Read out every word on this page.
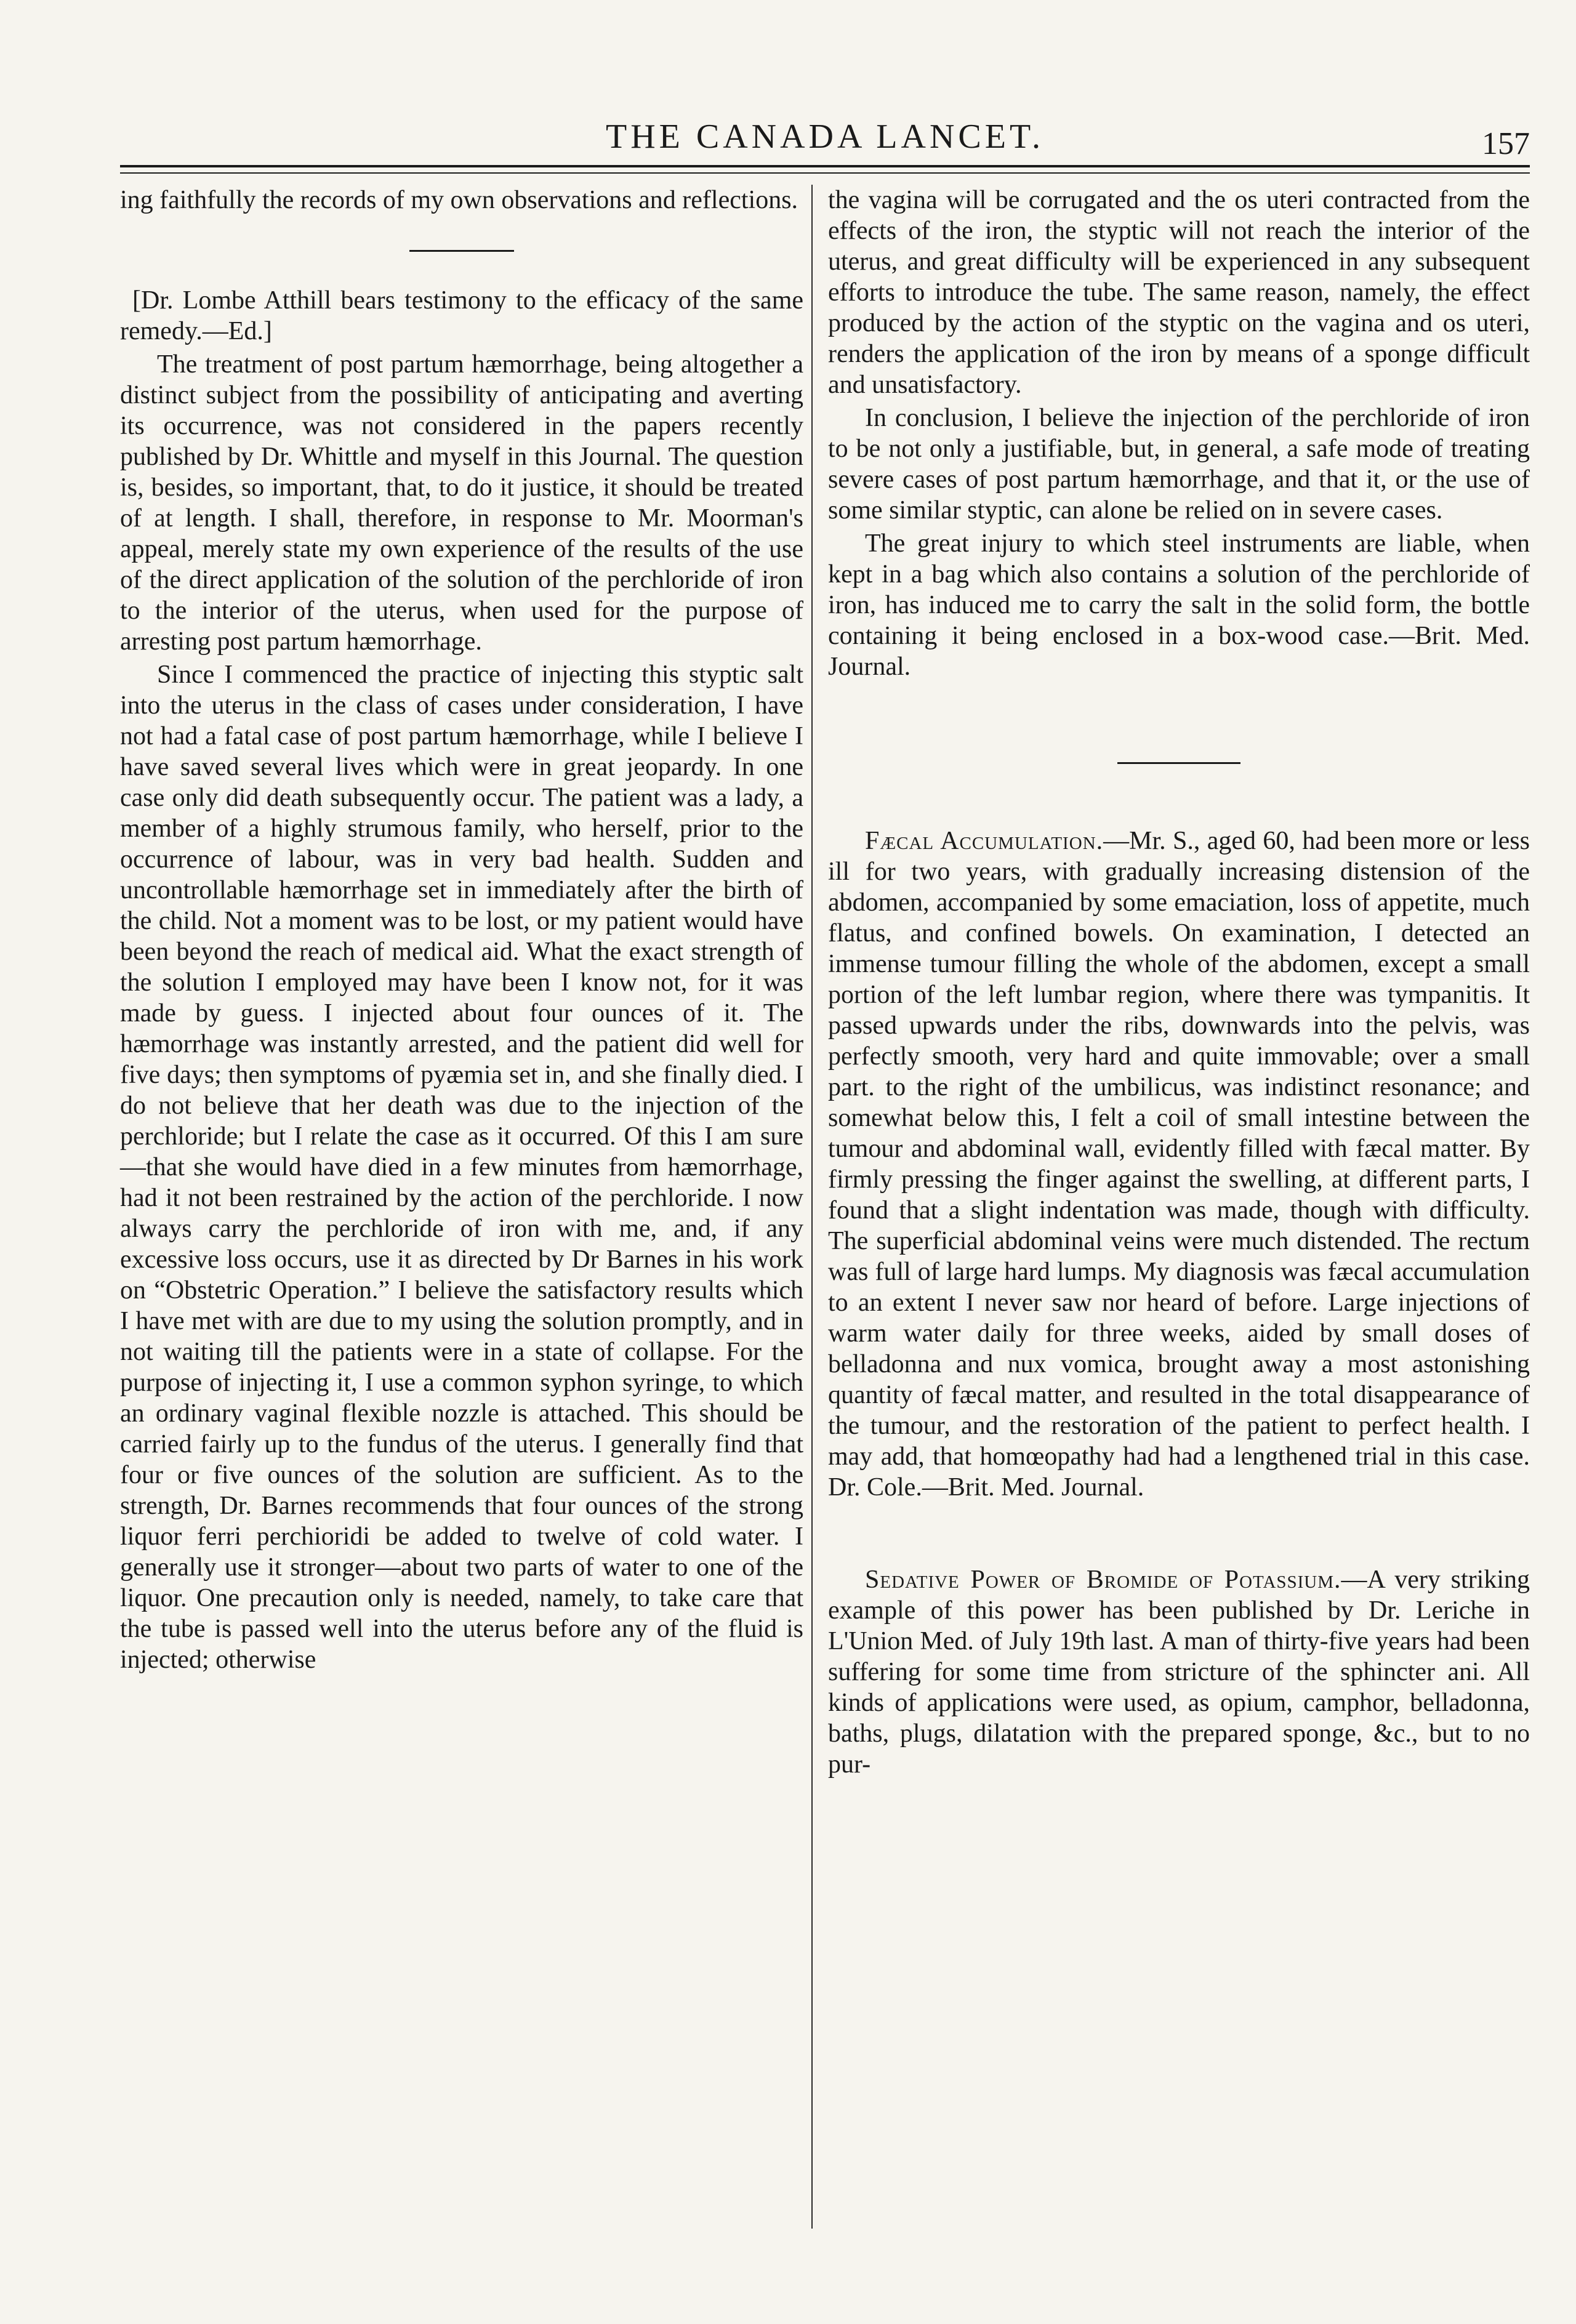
THE CANADA LANCET.	157

ing faithfully the records of my own observations and reflections.

[Dr. Lombe Atthill bears testimony to the efficacy of the same remedy.—Ed.]

The treatment of post partum hæmorrhage, being altogether a distinct subject from the possibility of anticipating and averting its occurrence, was not considered in the papers recently published by Dr. Whittle and myself in this Journal. The question is, besides, so important, that, to do it justice, it should be treated of at length. I shall, therefore, in response to Mr. Moorman's appeal, merely state my own experience of the results of the use of the direct application of the solution of the perchloride of iron to the interior of the uterus, when used for the purpose of arresting post partum hæmorrhage.

Since I commenced the practice of injecting this styptic salt into the uterus in the class of cases under consideration, I have not had a fatal case of post partum hæmorrhage, while I believe I have saved several lives which were in great jeopardy. In one case only did death subsequently occur. The patient was a lady, a member of a highly strumous family, who herself, prior to the occurrence of labour, was in very bad health. Sudden and uncontrollable hæmorrhage set in immediately after the birth of the child. Not a moment was to be lost, or my patient would have been beyond the reach of medical aid. What the exact strength of the solution I employed may have been I know not, for it was made by guess. I injected about four ounces of it. The hæmorrhage was instantly arrested, and the patient did well for five days; then symptoms of pyæmia set in, and she finally died. I do not believe that her death was due to the injection of the perchloride; but I relate the case as it occurred. Of this I am sure—that she would have died in a few minutes from hæmorrhage, had it not been restrained by the action of the perchloride. I now always carry the perchloride of iron with me, and, if any excessive loss occurs, use it as directed by Dr Barnes in his work on “Obstetric Operation.” I believe the satisfactory results which I have met with are due to my using the solution promptly, and in not waiting till the patients were in a state of collapse. For the purpose of injecting it, I use a common syphon syringe, to which an ordinary vaginal flexible nozzle is attached. This should be carried fairly up to the fundus of the uterus. I generally find that four or five ounces of the solution are sufficient. As to the strength, Dr. Barnes recommends that four ounces of the strong liquor ferri perchioridi be added to twelve of cold water. I generally use it stronger—about two parts of water to one of the liquor. One precaution only is needed, namely, to take care that the tube is passed well into the uterus before any of the fluid is injected; otherwise

the vagina will be corrugated and the os uteri contracted from the effects of the iron, the styptic will not reach the interior of the uterus, and great difficulty will be experienced in any subsequent efforts to introduce the tube. The same reason, namely, the effect produced by the action of the styptic on the vagina and os uteri, renders the application of the iron by means of a sponge difficult and unsatisfactory.

In conclusion, I believe the injection of the perchloride of iron to be not only a justifiable, but, in general, a safe mode of treating severe cases of post partum hæmorrhage, and that it, or the use of some similar styptic, can alone be relied on in severe cases.

The great injury to which steel instruments are liable, when kept in a bag which also contains a solution of the perchloride of iron, has induced me to carry the salt in the solid form, the bottle containing it being enclosed in a box-wood case.—Brit. Med. Journal.

Fæcal Accumulation.—Mr. S., aged 60, had been more or less ill for two years, with gradually increasing distension of the abdomen, accompanied by some emaciation, loss of appetite, much flatus, and confined bowels. On examination, I detected an immense tumour filling the whole of the abdomen, except a small portion of the left lumbar region, where there was tympanitis. It passed upwards under the ribs, downwards into the pelvis, was perfectly smooth, very hard and quite immovable; over a small part. to the right of the umbilicus, was indistinct resonance; and somewhat below this, I felt a coil of small intestine between the tumour and abdominal wall, evidently filled with fæcal matter. By firmly pressing the finger against the swelling, at different parts, I found that a slight indentation was made, though with difficulty. The superficial abdominal veins were much distended. The rectum was full of large hard lumps. My diagnosis was fæcal accumulation to an extent I never saw nor heard of before. Large injections of warm water daily for three weeks, aided by small doses of belladonna and nux vomica, brought away a most astonishing quantity of fæcal matter, and resulted in the total disappearance of the tumour, and the restoration of the patient to perfect health. I may add, that homœopathy had had a lengthened trial in this case. Dr. Cole.—Brit. Med. Journal.

Sedative Power of Bromide of Potassium.—A very striking example of this power has been published by Dr. Leriche in L'Union Med. of July 19th last. A man of thirty-five years had been suffering for some time from stricture of the sphincter ani. All kinds of applications were used, as opium, camphor, belladonna, baths, plugs, dilatation with the prepared sponge, &c., but to no pur-
